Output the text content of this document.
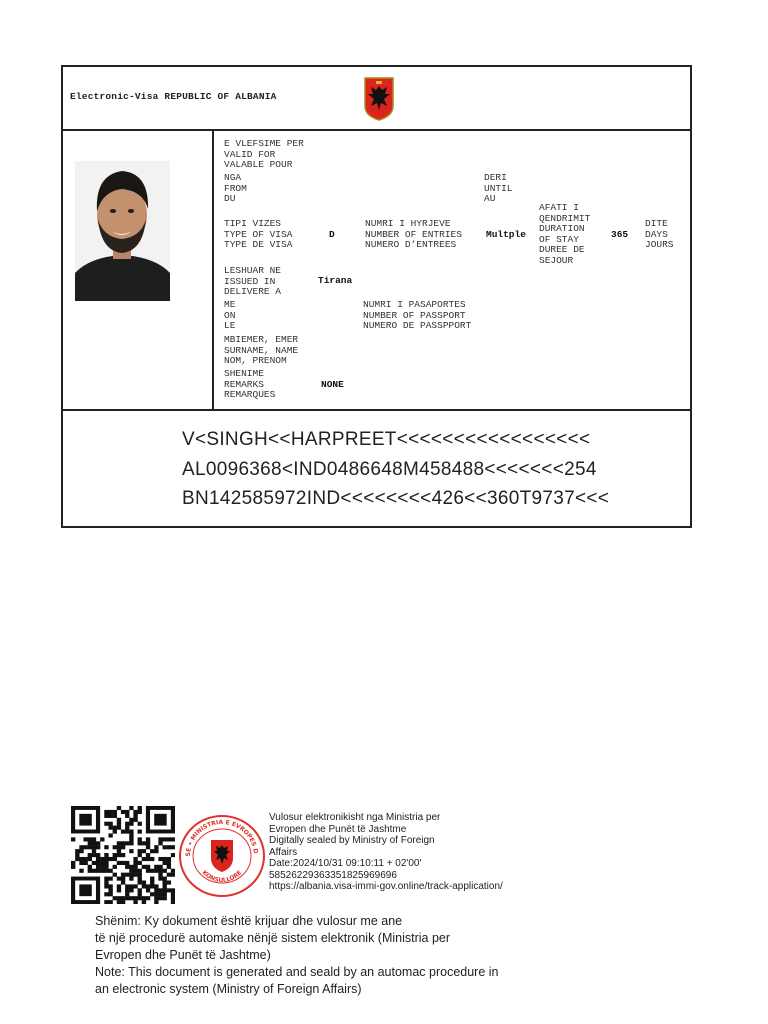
Electronic-Visa REPUBLIC OF ALBANIA
E VLEFSIME PER
VALID FOR
VALABLE POUR
NGA
FROM
DU
DERI
UNTIL
AU
TIPI VIZES
TYPE OF VISA
TYPE DE VISA
D
NUMRI I HYRJEVE
NUMBER OF ENTRIES
NUMERO D’ENTREES
Multple
AFATI I
QENDRIMIT
DURATION
OF STAY
DUREE DE
SEJOUR
365
DITE
DAYS
JOURS
LESHUAR NE
ISSUED IN
DELIVERE A
Tirana
ME
ON
LE
NUMRI I PASAPORTES
NUMBER OF PASSPORT
NUMERO DE PASSPPORT
MBIEMER, EMER
SURNAME, NAME
NOM, PRENOM
SHENIME
REMARKS
REMARQUES
NONE
V<SINGH<<HARPREET<<<<<<<<<<<<<<<<<
AL0096368<IND0486648M458488<<<<<<<254
BN142585972IND<<<<<<<<426<<360T9737<<<
SE • MINISTRIA E EVROPES D
KONSULLORE
Vulosur elektronikisht nga Ministria per
Evropen dhe Punët të Jashtme
Digitally sealed by Ministry of Foreign
Affairs
Date:2024/10/31 09:10:11 + 02'00'
5852622936335182596969​6
https://albania.visa-immi-gov.online/track-application/
Shënim: Ky dokument është krijuar dhe vulosur me ane
të një procedurë automake nënjë sistem elektronik (Ministria per
Evropen dhe Punët të Jashtme)
Note: This document is generated and seald by an automac procedure in
an electronic system (Ministry of Foreign Affairs)
